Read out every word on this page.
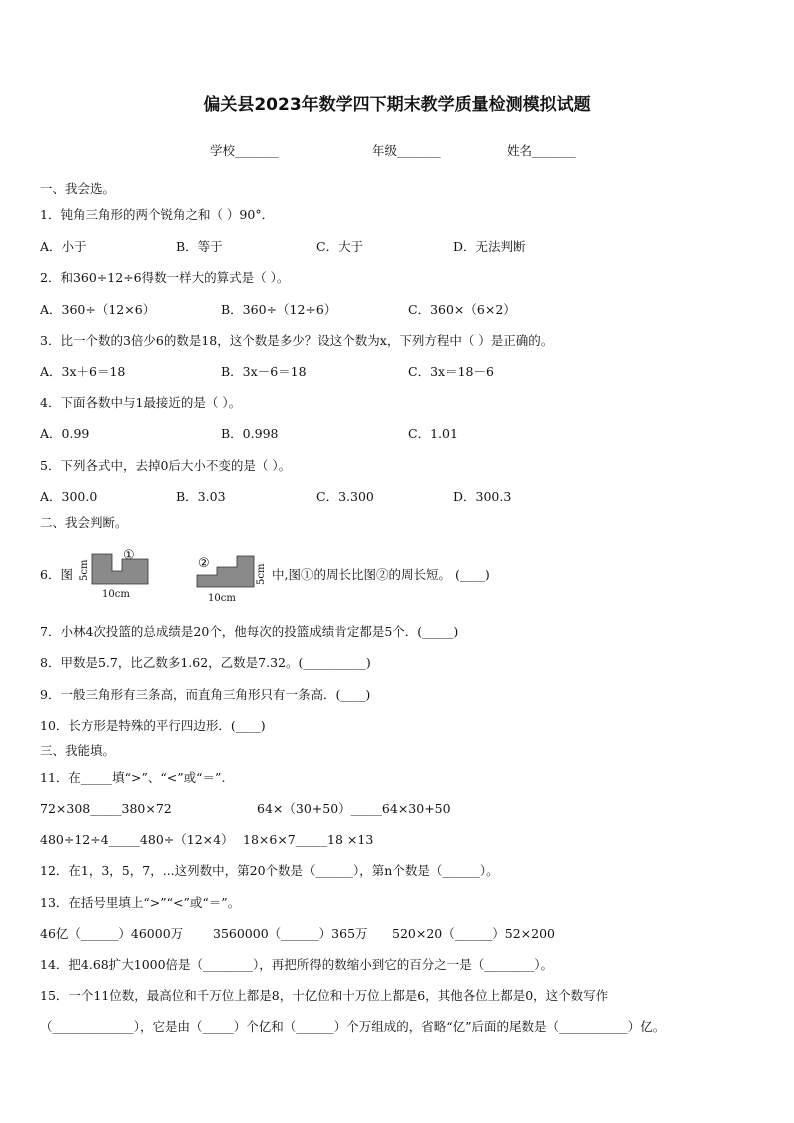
偏关县2023年数学四下期末教学质量检测模拟试题
学校_______	年级_______	姓名_______
一、我会选。
1．钝角三角形的两个锐角之和（ ）90°．
A．小于	B．等于	C．大于	D．无法判断
2．和360÷12÷6得数一样大的算式是（ ）。
A．360÷（12×6）	B．360÷（12÷6）	C．360×（6×2）
3．比一个数的3倍少6的数是18，这个数是多少？设这个数为x，下列方程中（ ）是正确的。
A．3x＋6＝18	B．3x－6＝18	C．3x＝18－6
4．下面各数中与1最接近的是（ ）。
A．0.99	B．0.998	C．1.01
5．下列各式中，去掉0后大小不变的是（ ）。
A．300.0	B．3.03	C．3.300	D．300.3
二、我会判断。
6．图 5cm
①
10cm
②
5cm
10cm
中,图①的周长比图②的周长短。 (____)
7．小林4次投篮的总成绩是20个，他每次的投篮成绩肯定都是5个．(_____)
8．甲数是5.7，比乙数多1.62，乙数是7.32。(__________)
9．一般三角形有三条高，而直角三角形只有一条高．(____)
10．长方形是特殊的平行四边形．(____)
三、我能填。
11．在_____填“>”、“<”或“＝”.
72×308_____380×72	64×（30+50）_____64×30+50
480÷12÷4_____480÷（12×4） 18×6×7_____18 ×13
12．在1，3，5，7，...这列数中，第20个数是（______），第n个数是（______）。
13．在括号里填上“>”“<”或“＝”。
46亿（______）46000万 3560000（______）365万 520×20（______）52×200
14．把4.68扩大1000倍是（________），再把所得的数缩小到它的百分之一是（________）。
15．一个11位数，最高位和千万位上都是8，十亿位和十万位上都是6，其他各位上都是0，这个数写作
（_____________），它是由（_____）个亿和（______）个万组成的，省略“亿”后面的尾数是（___________）亿。
